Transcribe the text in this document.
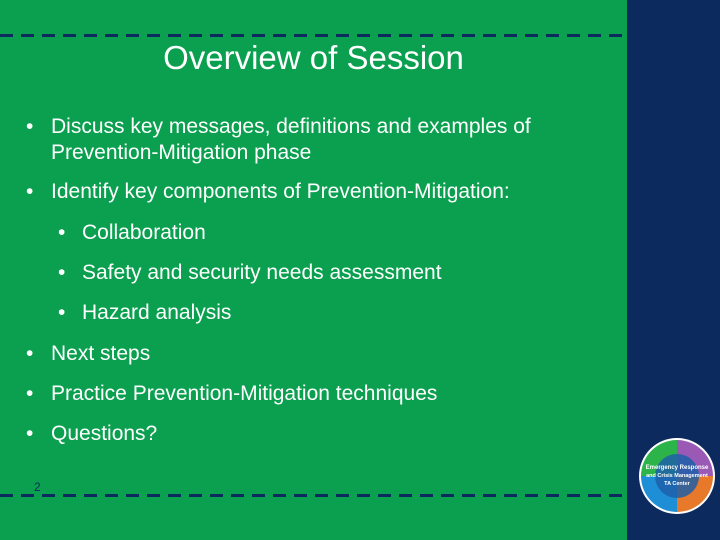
Overview of Session
• Discuss key messages, definitions and examples of Prevention-Mitigation phase
• Identify key components of Prevention-Mitigation:
• Collaboration
• Safety and security needs assessment
• Hazard analysis
• Next steps
• Practice Prevention-Mitigation techniques
• Questions?
2
Emergency Response
and Crisis Management
TA Center
